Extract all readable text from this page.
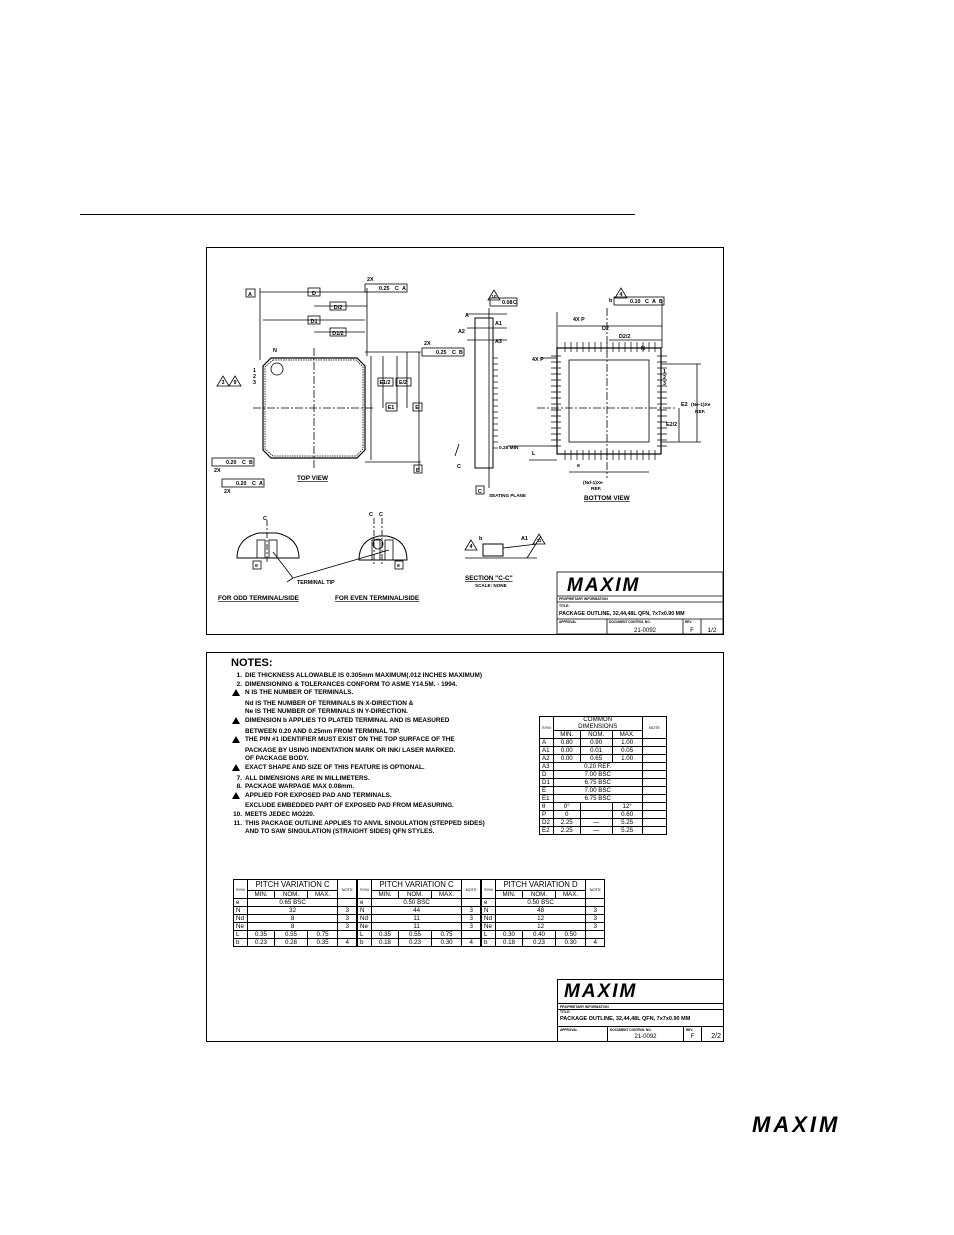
3 9
10	4
4
11
A
B
C
D
D/2
D1
D1/2
E1/2 E/2
E1	E
N
1
2
3
2X
2X
2X
2X
0.25 C A
0.25 C B
0.20 C B
0.20 C A
0.08 C	0.10 C A B
A
A1
A2
A3
4X P
D2
D2/2
b
N
1
2
3
4X P
E2
E2/2
(Ne-1)Xe
REF.
(Nd-1)Xe
REF.
0.25 MIN
L
e
C
C
C C
e	e
b	A1
TERMINAL TIP
SEATING PLANE
TOP VIEW
BOTTOM VIEW
SECTION "C-C"
FOR ODD TERMINAL/SIDE	FOR EVEN TERMINAL/SIDE
SCALE: NONE
PROPRIETARY INFORMATION
TITLE:
PACKAGE OUTLINE, 32,44,48L QFN, 7x7x0.90 MM
APPROVAL	DOCUMENT CONTROL NO.
21-0092
REV.
F 1/2
MAXIM
NOTES:
1. DIE THICKNESS ALLOWABLE IS 0.305mm MAXIMUM(.012 INCHES MAXIMUM)
2. DIMENSIONING & TOLERANCES CONFORM TO ASME Y14.5M. - 1994.
N IS THE NUMBER OF TERMINALS.
Nd IS THE NUMBER OF TERMINALS IN X-DIRECTION &
Ne IS THE NUMBER OF TERMINALS IN Y-DIRECTION.
DIMENSION b APPLIES TO PLATED TERMINAL AND IS MEASURED
BETWEEN 0.20 AND 0.25mm FROM TERMINAL TIP.
THE PIN #1 IDENTIFIER MUST EXIST ON THE TOP SURFACE OF THE
PACKAGE BY USING INDENTATION MARK OR INK/ LASER MARKED.
OF PACKAGE BODY.
EXACT SHAPE AND SIZE OF THIS FEATURE IS OPTIONAL.
7. ALL DIMENSIONS ARE IN MILLIMETERS.
8. PACKAGE WARPAGE MAX 0.08mm.
APPLIED FOR EXPOSED PAD AND TERMINALS.
EXCLUDE EMBEDDED PART OF EXPOSED PAD FROM MEASURING.
10. MEETS JEDEC MO220.
11. THIS PACKAGE OUTLINE APPLIES TO ANVIL SINGULATION (STEPPED SIDES)
AND TO SAW SINGULATION (STRAIGHT SIDES) QFN STYLES.
SYM	COMMON
DIMENSIONS			NOTE
	MIN.	NOM.	MAX.	
A	0.80	0.90	1.00	
A1	0.00	0.01	0.05	
A2	0.00	0.65	1.00	
A3	0.20 REF.			
D	7.00 BSC			
D1	6.75 BSC			
E	7.00 BSC			
E1	6.75 BSC			
θ	0°		12°	
P	0		0.60	
D2	2.25	—	5.25	
E2	2.25	—	5.25	
SYM	PITCH VARIATION C			NOTE
	MIN.	NOM.	MAX.	
e	0.65 BSC			
N	32			3
Nd	8			3
Ne	8			3
L	0.35	0.55	0.75	
b	0.23	0.28	0.35	4
SYM	PITCH VARIATION C			NOTE
	MIN.	NOM.	MAX.	
e	0.50 BSC			
N	44			3
Nd	11			3
Ne	11			3
L	0.35	0.55	0.75	
b	0.18	0.23	0.30	4
SYM	PITCH VARIATION D			NOTE
	MIN.	NOM.	MAX.	
e	0.50 BSC			
N	48			3
Nd	12			3
Ne	12			3
L	0.30	0.40	0.50	
b	0.18	0.23	0.30	4
MAXIM
PROPRIETARY INFORMATION
TITLE:
PACKAGE OUTLINE, 32,44,48L QFN, 7x7x0.90 MM
APPROVAL	DOCUMENT CONTROL NO.
21-0092
REV.
F	2/2
MAXIM
